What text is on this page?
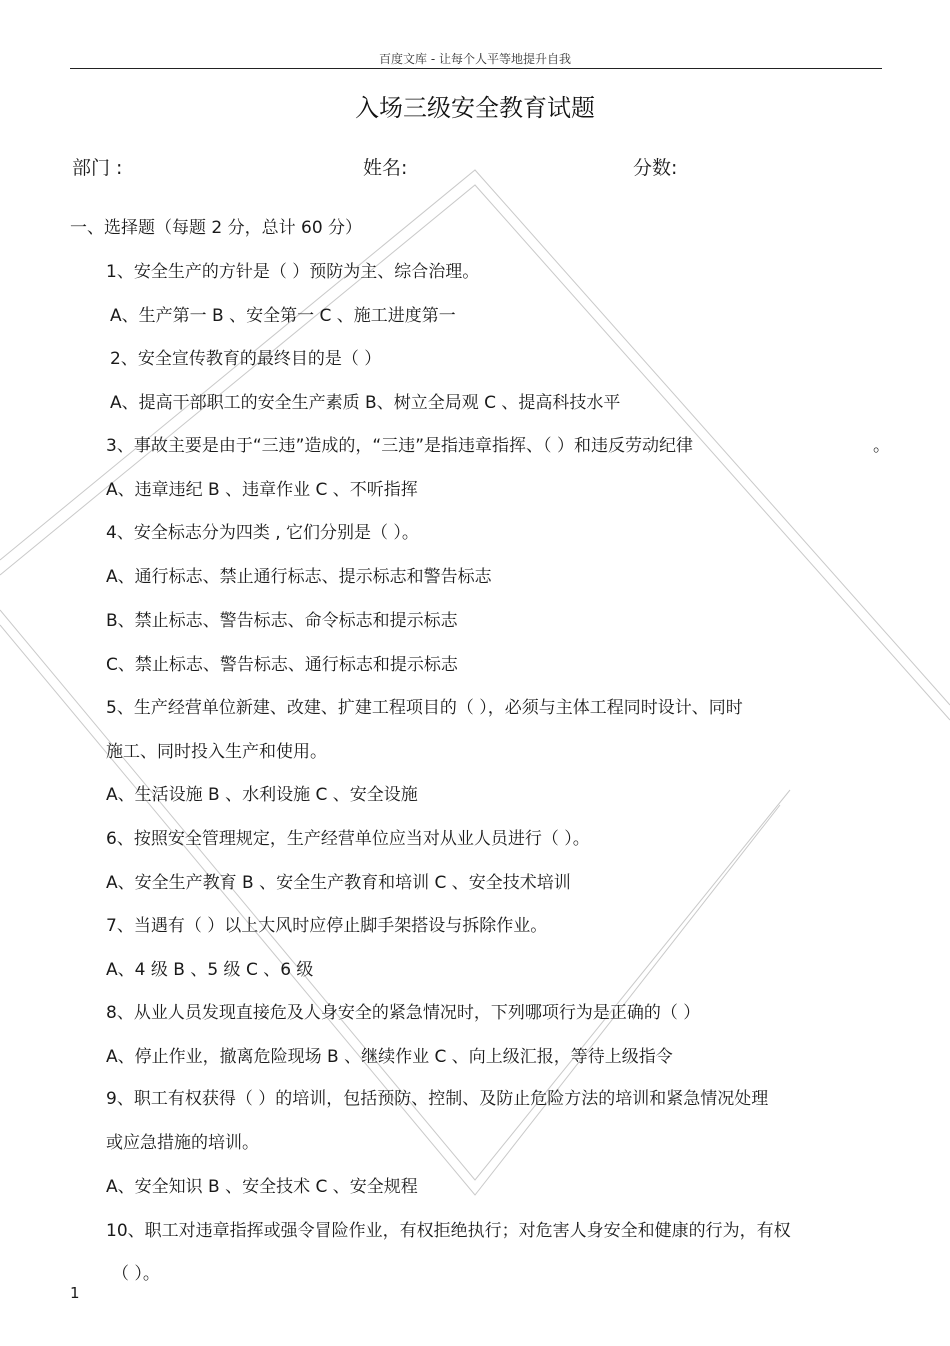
百度文库 - 让每个人平等地提升自我
入场三级安全教育试题
部门 :	姓名:	分数:
一、选择题（每题 2 分，总计 60 分）
1、安全生产的方针是（ ）预防为主、综合治理。
A、生产第一 B 、安全第一 C 、施工进度第一
2、安全宣传教育的最终目的是（ ）
A、提高干部职工的安全生产素质 B、树立全局观 C 、提高科技水平
3、事故主要是由于“三违”造成的，“三违”是指违章指挥、（ ）和违反劳动纪律	。
A、违章违纪 B 、违章作业 C 、不听指挥
4、安全标志分为四类 , 它们分别是（ ）。
A、通行标志、禁止通行标志、提示标志和警告标志
B、禁止标志、警告标志、命令标志和提示标志
C、禁止标志、警告标志、通行标志和提示标志
5、生产经营单位新建、改建、扩建工程项目的（ ），必须与主体工程同时设计、同时
施工、同时投入生产和使用。
A、生活设施 B 、水利设施 C 、安全设施
6、按照安全管理规定，生产经营单位应当对从业人员进行（ ）。
A、安全生产教育 B 、安全生产教育和培训 C 、安全技术培训
7、当遇有（ ）以上大风时应停止脚手架搭设与拆除作业。
A、4 级 B 、5 级 C 、6 级
8、从业人员发现直接危及人身安全的紧急情况时，下列哪项行为是正确的（ ）
A、停止作业，撤离危险现场 B 、继续作业 C 、向上级汇报，等待上级指令
9、职工有权获得（ ）的培训，包括预防、控制、及防止危险方法的培训和紧急情况处理
或应急措施的培训。
A、安全知识 B 、安全技术 C 、安全规程
10、职工对违章指挥或强令冒险作业，有权拒绝执行；对危害人身安全和健康的行为，有权
（ ）。
1
